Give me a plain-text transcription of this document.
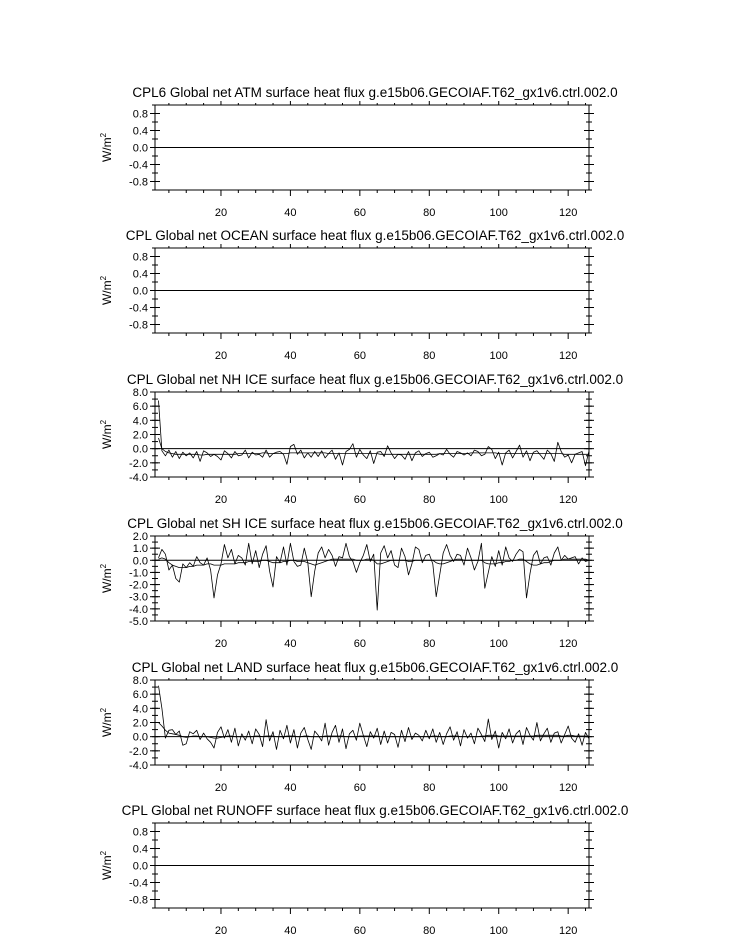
CPL6 Global net ATM surface heat flux g.e15b06.GECOIAF.T62_gx1v6.ctrl.002.0
0.8
0.4
0.0
-0.4
-0.8
20	40	60	80	100	120
$W/m^2$
CPL Global net OCEAN surface heat flux g.e15b06.GECOIAF.T62_gx1v6.ctrl.002.0
0.8
0.4
0.0
-0.4
-0.8
20	40	60	80	100	120
$W/m^2$
CPL Global net NH ICE surface heat flux g.e15b06.GECOIAF.T62_gx1v6.ctrl.002.0
8.0
6.0
4.0
2.0
0.0
-2.0
-4.0
20	40	60	80	100	120
$W/m^2$
CPL Global net SH ICE surface heat flux g.e15b06.GECOIAF.T62_gx1v6.ctrl.002.0
2.0
1.0
0.0
-1.0
-2.0
-3.0
-4.0
-5.0
20	40	60	80	100	120
$W/m^2$
CPL Global net LAND surface heat flux g.e15b06.GECOIAF.T62_gx1v6.ctrl.002.0
8.0
6.0
4.0
2.0
0.0
-2.0
-4.0
20	40	60	80	100	120
$W/m^2$
CPL Global net RUNOFF surface heat flux g.e15b06.GECOIAF.T62_gx1v6.ctrl.002.0
0.8
0.4
0.0
-0.4
-0.8
20	40	60	80	100	120
$W/m^2$
